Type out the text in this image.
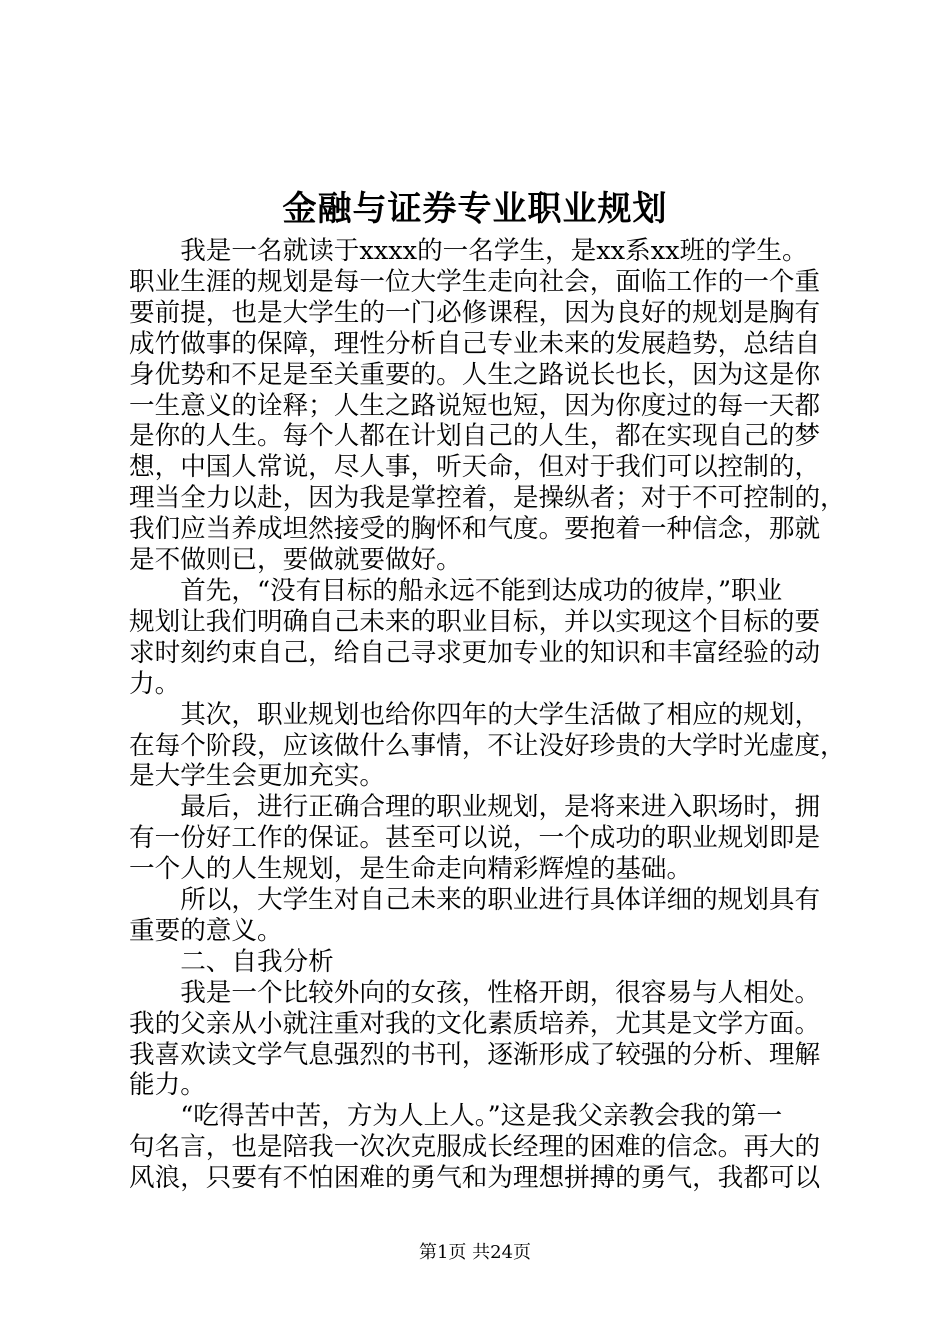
金融与证券专业职业规划

我是一名就读于xxxx的一名学生，是xx系xx班的学生。
职业生涯的规划是每一位大学生走向社会，面临工作的一个重
要前提，也是大学生的一门必修课程，因为良好的规划是胸有
成竹做事的保障，理性分析自己专业未来的发展趋势，总结自
身优势和不足是至关重要的。人生之路说长也长，因为这是你
一生意义的诠释；人生之路说短也短，因为你度过的每一天都
是你的人生。每个人都在计划自己的人生，都在实现自己的梦
想，中国人常说，尽人事，听天命，但对于我们可以控制的，
理当全力以赴，因为我是掌控着，是操纵者；对于不可控制的，
我们应当养成坦然接受的胸怀和气度。要抱着一种信念，那就
是不做则已，要做就要做好。

首先，“没有目标的船永远不能到达成功的彼岸，”职业
规划让我们明确自己未来的职业目标，并以实现这个目标的要
求时刻约束自己，给自己寻求更加专业的知识和丰富经验的动
力。

其次，职业规划也给你四年的大学生活做了相应的规划，
在每个阶段，应该做什么事情，不让没好珍贵的大学时光虚度，
是大学生会更加充实。

最后，进行正确合理的职业规划，是将来进入职场时，拥
有一份好工作的保证。甚至可以说，一个成功的职业规划即是
一个人的人生规划，是生命走向精彩辉煌的基础。

所以，大学生对自己未来的职业进行具体详细的规划具有
重要的意义。

二、自我分析

我是一个比较外向的女孩，性格开朗，很容易与人相处。
我的父亲从小就注重对我的文化素质培养，尤其是文学方面。
我喜欢读文学气息强烈的书刊，逐渐形成了较强的分析、理解
能力。

“吃得苦中苦，方为人上人。”这是我父亲教会我的第一
句名言，也是陪我一次次克服成长经理的困难的信念。再大的
风浪，只要有不怕困难的勇气和为理想拼搏的勇气，我都可以

第1页 共24页
